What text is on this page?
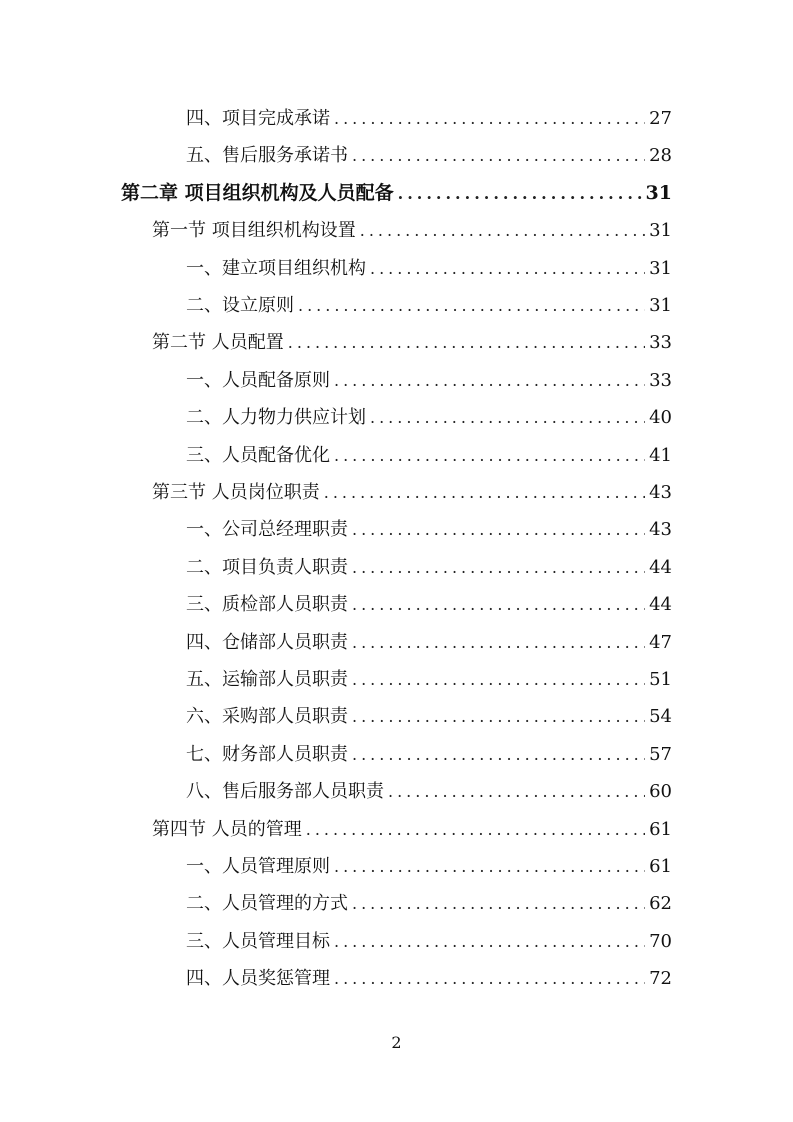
四、项目完成承诺 .....	27
五、售后服务承诺书 .....	28
第二章 项目组织机构及人员配备 .....	31
第一节 项目组织机构设置 .....	31
一、建立项目组织机构 .....	31
二、设立原则 .....	31
第二节 人员配置 .....	33
一、人员配备原则 .....	33
二、人力物力供应计划 .....	40
三、人员配备优化 .....	41
第三节 人员岗位职责 .....	43
一、公司总经理职责 .....	43
二、项目负责人职责 .....	44
三、质检部人员职责 .....	44
四、仓储部人员职责 .....	47
五、运输部人员职责 .....	51
六、采购部人员职责 .....	54
七、财务部人员职责 .....	57
八、售后服务部人员职责 .....	60
第四节 人员的管理 .....	61
一、人员管理原则 .....	61
二、人员管理的方式 .....	62
三、人员管理目标 .....	70
四、人员奖惩管理 .....	72
2
